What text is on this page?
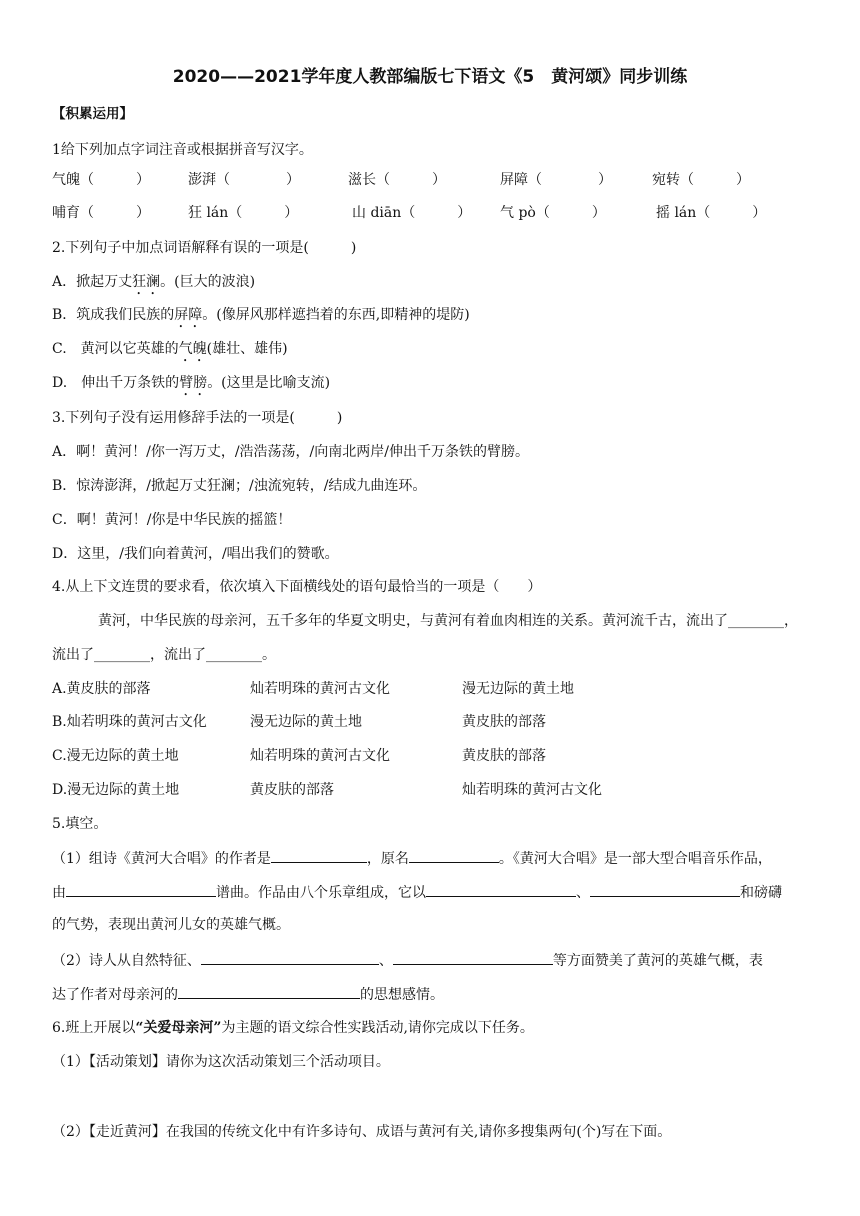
2020——2021学年度人教部编版七下语文《5　黄河颂》同步训练
【积累运用】
1给下列加点字词注音或根据拼音写汉字。
气魄（　　　）	澎湃（　　　　）	滋长（　　　）	屏障（　　　　）	宛转（　　　）
哺育（　　　）	狂 lán（　　　）	山 diān（　　　） 气 pò（　　　）	摇 lán（　　　）
2.下列句子中加点词语解释有误的一项是(　　　)
A．掀起万丈狂澜。(巨大的波浪)
B．筑成我们民族的屏障。(像屏风那样遮挡着的东西,即精神的堤防)
C.　黄河以它英雄的气魄(雄壮、雄伟)
D.　伸出千万条铁的臂膀。(这里是比喻支流)
3.下列句子没有运用修辞手法的一项是(　　　)
A．啊！黄河！/你一泻万丈，/浩浩荡荡，/向南北两岸/伸出千万条铁的臂膀。
B．惊涛澎湃，/掀起万丈狂澜；/浊流宛转，/结成九曲连环。
C．啊！黄河！/你是中华民族的摇篮！
D．这里，/我们向着黄河，/唱出我们的赞歌。
4.从上下文连贯的要求看，依次填入下面横线处的语句最恰当的一项是（　　）
黄河，中华民族的母亲河，五千多年的华夏文明史，与黄河有着血肉相连的关系。黄河流千古，流出了________，
流出了________，流出了________。
A.黄皮肤的部落	灿若明珠的黄河古文化	漫无边际的黄土地
B.灿若明珠的黄河古文化	漫无边际的黄土地	黄皮肤的部落
C.漫无边际的黄土地	灿若明珠的黄河古文化	黄皮肤的部落
D.漫无边际的黄土地	黄皮肤的部落	灿若明珠的黄河古文化
5.填空。
（1）组诗《黄河大合唱》的作者是	，原名	。《黄河大合唱》是一部大型合唱音乐作品，
由	谱曲。作品由八个乐章组成，它以	、	和磅礴
的气势，表现出黄河儿女的英雄气概。
（2）诗人从自然特征、	、	等方面赞美了黄河的英雄气概，表
达了作者对母亲河的	的思想感情。
6.班上开展以“关爱母亲河”为主题的语文综合性实践活动,请你完成以下任务。
（1）【活动策划】请你为这次活动策划三个活动项目。
（2）【走近黄河】在我国的传统文化中有许多诗句、成语与黄河有关,请你多搜集两句(个)写在下面。
